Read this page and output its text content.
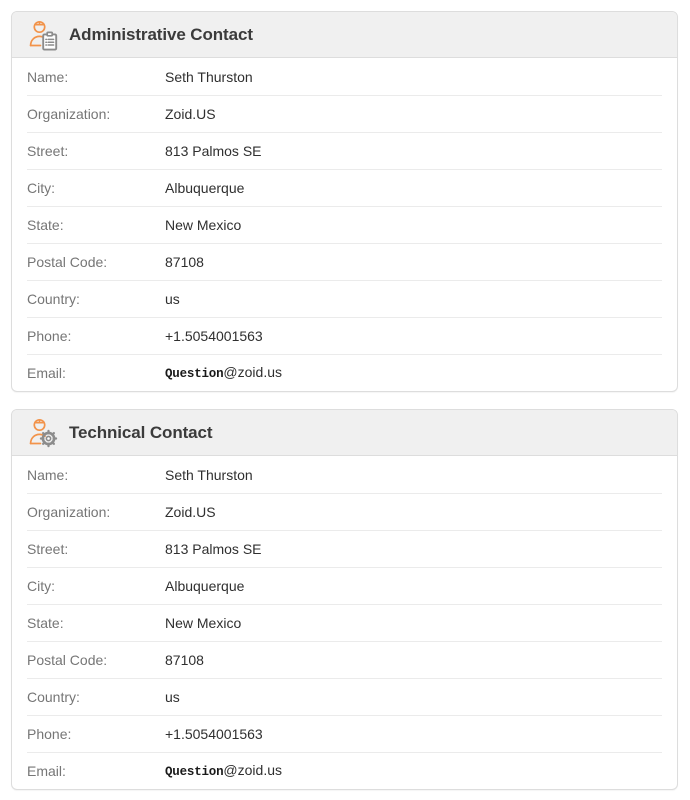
Administrative Contact
Name:	Seth Thurston
Organization:	Zoid.US
Street:	813 Palmos SE
City:	Albuquerque
State:	New Mexico
Postal Code:	87108
Country:	us
Phone:	+1.5054001563
Email:	Question@zoid.us
Technical Contact
Name:	Seth Thurston
Organization:	Zoid.US
Street:	813 Palmos SE
City:	Albuquerque
State:	New Mexico
Postal Code:	87108
Country:	us
Phone:	+1.5054001563
Email:	Question@zoid.us
